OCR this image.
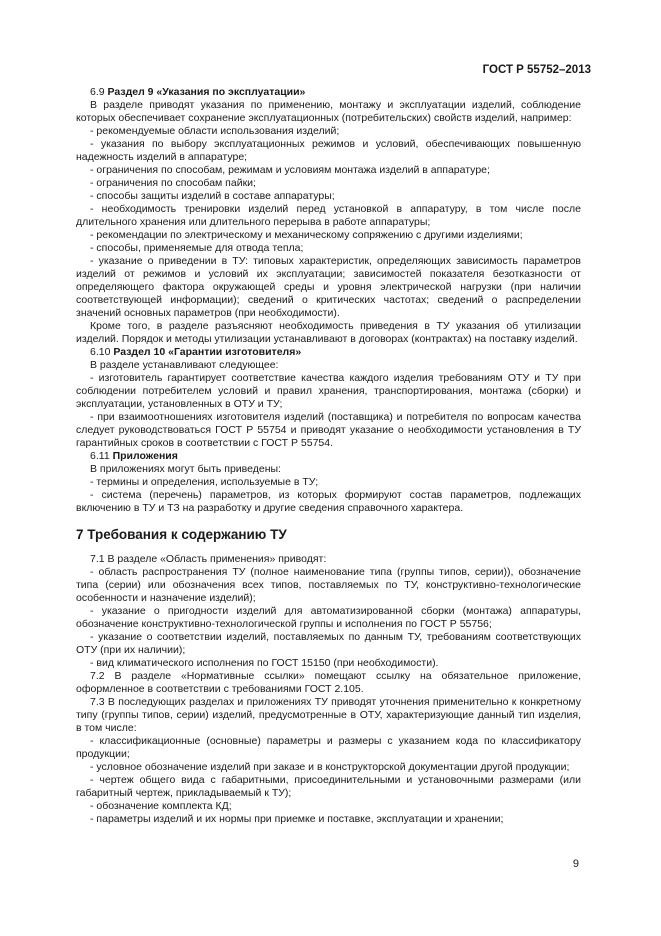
ГОСТ Р 55752–2013

6.9 Раздел 9 «Указания по эксплуатации»

В разделе приводят указания по применению, монтажу и эксплуатации изделий, соблюдение которых обеспечивает сохранение эксплуатационных (потребительских) свойств изделий, например:

- рекомендуемые области использования изделий;

- указания по выбору эксплуатационных режимов и условий, обеспечивающих повышенную надежность изделий в аппаратуре;

- ограничения по способам, режимам и условиям монтажа изделий в аппаратуре;

- ограничения по способам пайки;

- способы защиты изделий в составе аппаратуры;

- необходимость тренировки изделий перед установкой в аппаратуру, в том числе после длительного хранения или длительного перерыва в работе аппаратуры;

- рекомендации по электрическому и механическому сопряжению с другими изделиями;

- способы, применяемые для отвода тепла;

- указание о приведении в ТУ: типовых характеристик, определяющих зависимость параметров изделий от режимов и условий их эксплуатации; зависимостей показателя безотказности от определяющего фактора окружающей среды и уровня электрической нагрузки (при наличии соответствующей информации); сведений о критических частотах; сведений о распределении значений основных параметров (при необходимости).

Кроме того, в разделе разъясняют необходимость приведения в ТУ указания об утилизации изделий. Порядок и методы утилизации устанавливают в договорах (контрактах) на поставку изделий.

6.10 Раздел 10 «Гарантии изготовителя»

В разделе устанавливают следующее:

- изготовитель гарантирует соответствие качества каждого изделия требованиям ОТУ и ТУ при соблюдении потребителем условий и правил хранения, транспортирования, монтажа (сборки) и эксплуатации, установленных в ОТУ и ТУ;

- при взаимоотношениях изготовителя изделий (поставщика) и потребителя по вопросам качества следует руководствоваться ГОСТ Р 55754 и приводят указание о необходимости установления в ТУ гарантийных сроков в соответствии с ГОСТ Р 55754.

6.11 Приложения

В приложениях могут быть приведены:

- термины и определения, используемые в ТУ;

- система (перечень) параметров, из которых формируют состав параметров, подлежащих включению в ТУ и ТЗ на разработку и другие сведения справочного характера.

7 Требования к содержанию ТУ

7.1 В разделе «Область применения» приводят:

- область распространения ТУ (полное наименование типа (группы типов, серии)), обозначение типа (серии) или обозначения всех типов, поставляемых по ТУ, конструктивно-технологические особенности и назначение изделий);

- указание о пригодности изделий для автоматизированной сборки (монтажа) аппаратуры, обозначение конструктивно-технологической группы и исполнения по ГОСТ Р 55756;

- указание о соответствии изделий, поставляемых по данным ТУ, требованиям соответствующих ОТУ (при их наличии);

- вид климатического исполнения по ГОСТ 15150 (при необходимости).

7.2 В разделе «Нормативные ссылки» помещают ссылку на обязательное приложение, оформленное в соответствии с требованиями ГОСТ 2.105.

7.3 В последующих разделах и приложениях ТУ приводят уточнения применительно к конкретному типу (группы типов, серии) изделий, предусмотренные в ОТУ, характеризующие данный тип изделия, в том числе:

- классификационные (основные) параметры и размеры с указанием кода по классификатору продукции;

- условное обозначение изделий при заказе и в конструкторской документации другой продукции;

- чертеж общего вида с габаритными, присоединительными и установочными размерами (или габаритный чертеж, прикладываемый к ТУ);

- обозначение комплекта КД;

- параметры изделий и их нормы при приемке и поставке, эксплуатации и хранении;

9
